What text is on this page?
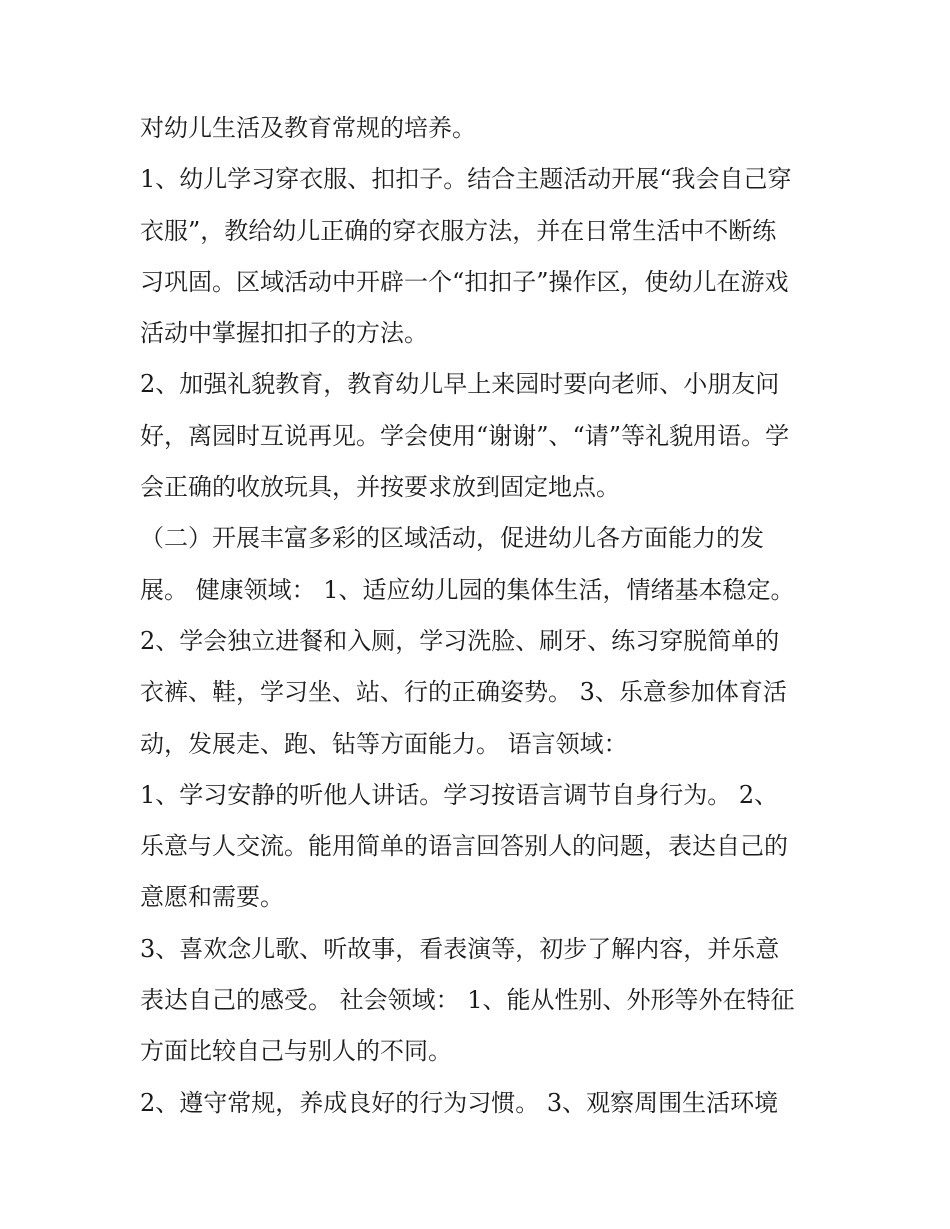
对幼儿生活及教育常规的培养。
1、幼儿学习穿衣服、扣扣子。结合主题活动开展“我会自己穿
衣服”，教给幼儿正确的穿衣服方法，并在日常生活中不断练
习巩固。区域活动中开辟一个“扣扣子”操作区，使幼儿在游戏
活动中掌握扣扣子的方法。
2、加强礼貌教育，教育幼儿早上来园时要向老师、小朋友问
好，离园时互说再见。学会使用“谢谢”、“请”等礼貌用语。学
会正确的收放玩具，并按要求放到固定地点。
（二）开展丰富多彩的区域活动，促进幼儿各方面能力的发
展。 健康领域： 1、适应幼儿园的集体生活，情绪基本稳定。
2、学会独立进餐和入厕，学习洗脸、刷牙、练习穿脱简单的
衣裤、鞋，学习坐、站、行的正确姿势。 3、乐意参加体育活
动，发展走、跑、钻等方面能力。 语言领域：
1、学习安静的听他人讲话。学习按语言调节自身行为。 2、
乐意与人交流。能用简单的语言回答别人的问题，表达自己的
意愿和需要。
3、喜欢念儿歌、听故事，看表演等，初步了解内容，并乐意
表达自己的感受。 社会领域： 1、能从性别、外形等外在特征
方面比较自己与别人的不同。
2、遵守常规，养成良好的行为习惯。 3、观察周围生活环境
